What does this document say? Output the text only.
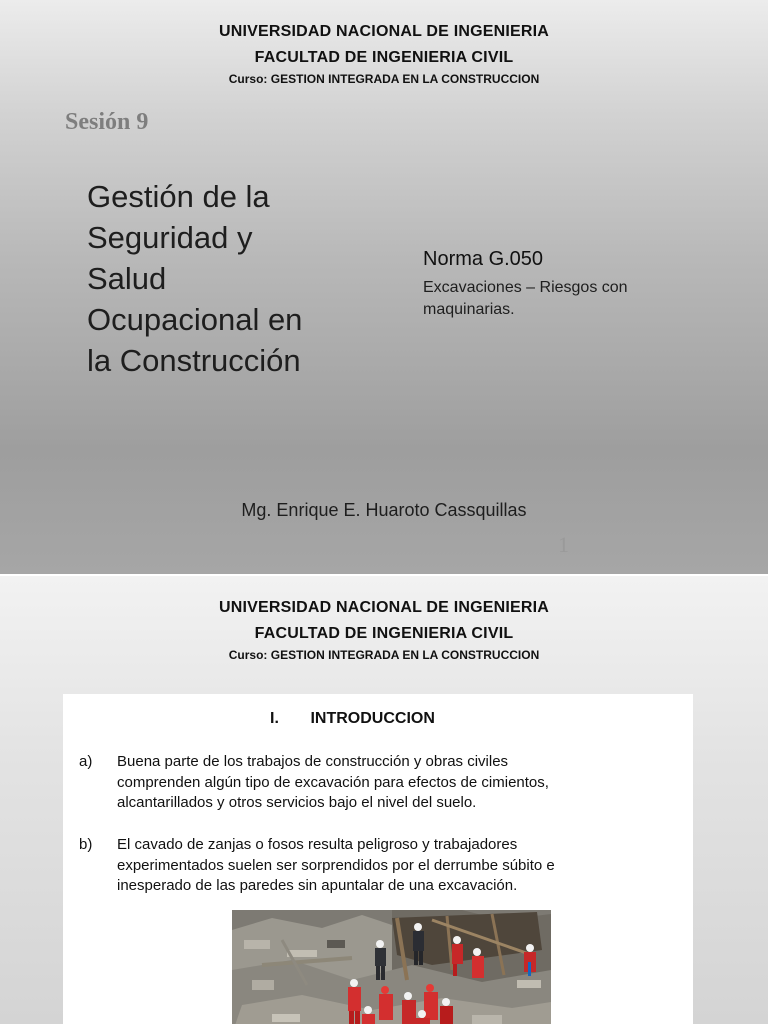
UNIVERSIDAD NACIONAL DE INGENIERIA
FACULTAD DE INGENIERIA CIVIL
Curso: GESTION INTEGRADA EN LA CONSTRUCCION
Sesión 9
Gestión de la
Seguridad y
Salud
Ocupacional en
la Construcción
Norma G.050
Excavaciones – Riesgos con maquinarias.
Mg. Enrique E. Huaroto Cassquillas
1
UNIVERSIDAD NACIONAL DE INGENIERIA
FACULTAD DE INGENIERIA CIVIL
Curso: GESTION INTEGRADA EN LA CONSTRUCCION
I. INTRODUCCION
a) Buena parte de los trabajos de construcción y obras civiles
comprenden algún tipo de excavación para efectos de cimientos,
alcantarillados y otros servicios bajo el nivel del suelo.
b) El cavado de zanjas o fosos resulta peligroso y trabajadores
experimentados suelen ser sorprendidos por el derrumbe súbito e
inesperado de las paredes sin apuntalar de una excavación.
